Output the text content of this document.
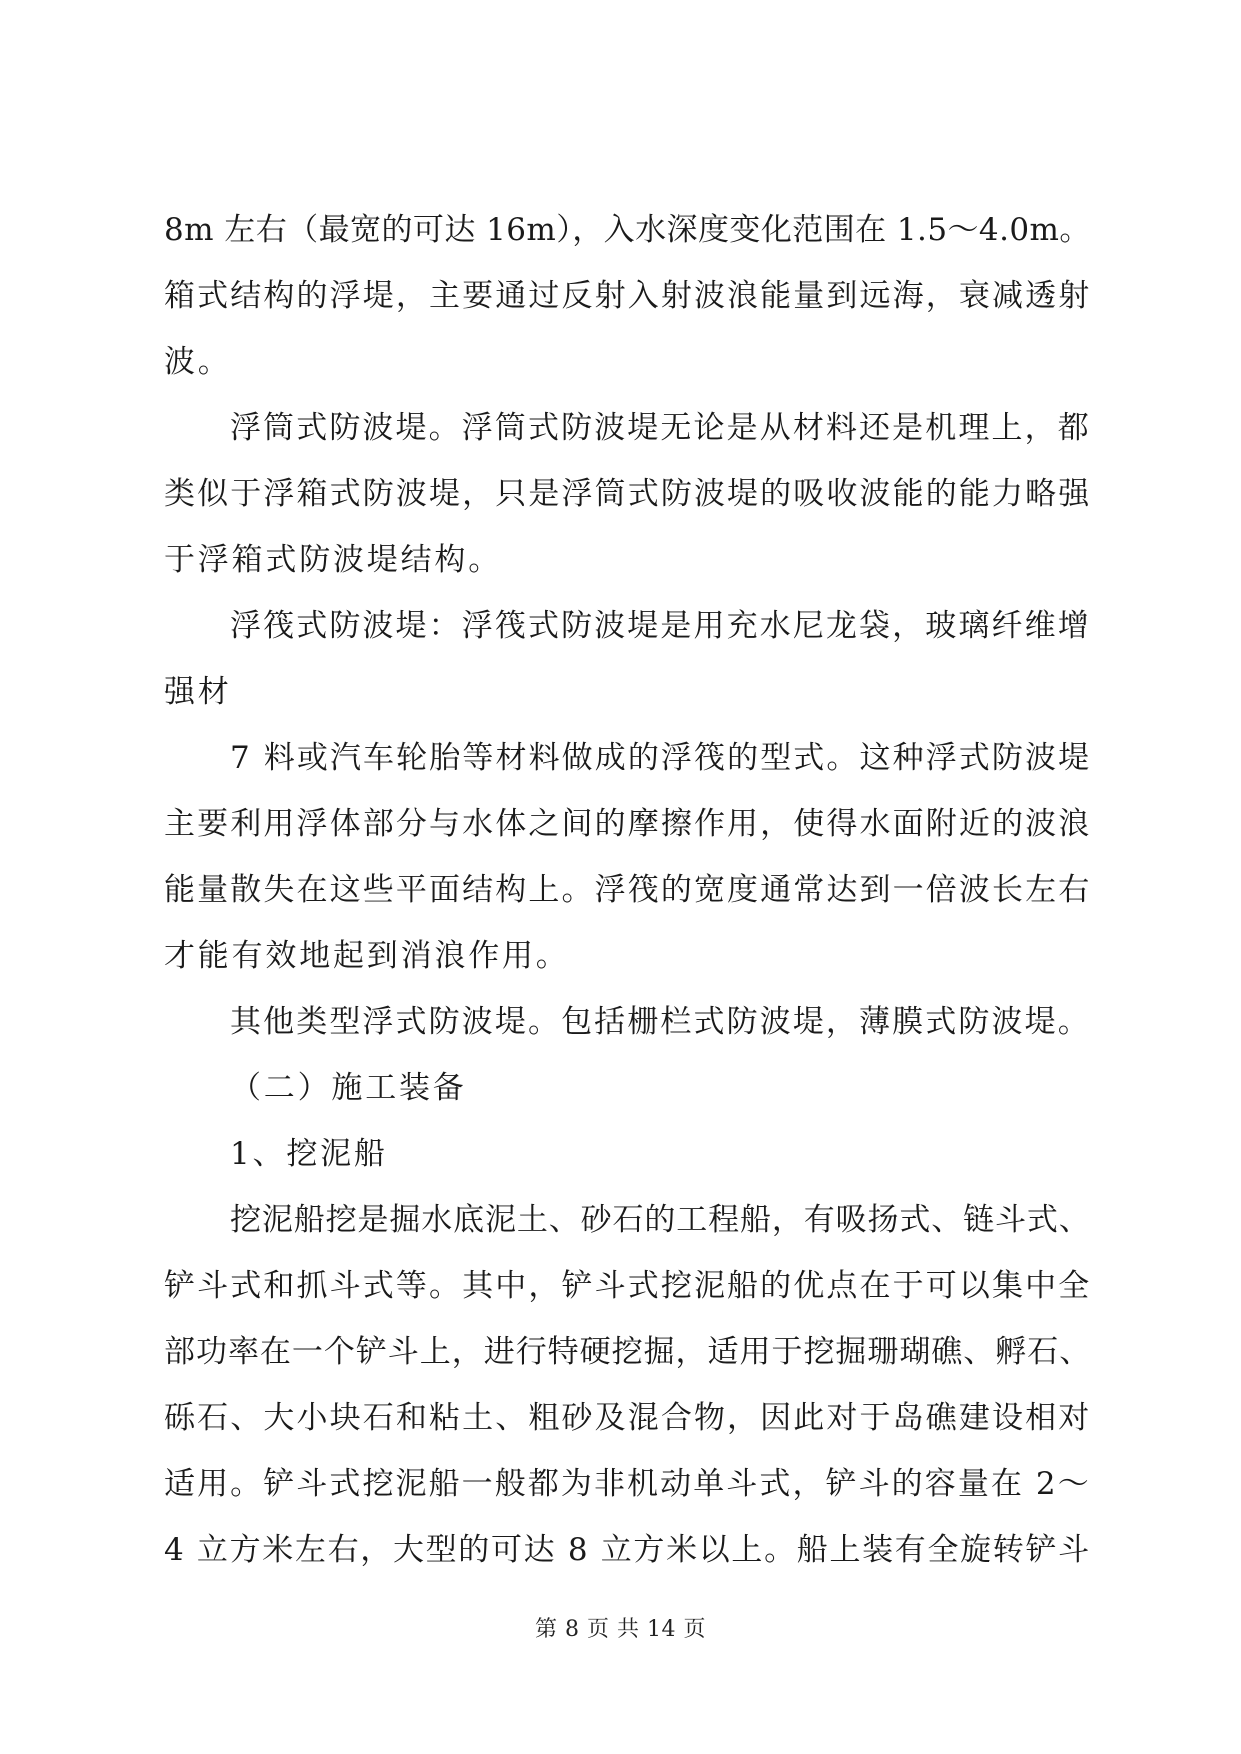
8m 左右（最宽的可达 16m），入水深度变化范围在 1.5～4.0m。
箱式结构的浮堤，主要通过反射入射波浪能量到远海，衰减透射
波。
浮筒式防波堤。浮筒式防波堤无论是从材料还是机理上，都
类似于浮箱式防波堤，只是浮筒式防波堤的吸收波能的能力略强
于浮箱式防波堤结构。
浮筏式防波堤：浮筏式防波堤是用充水尼龙袋，玻璃纤维增
强材
7 料或汽车轮胎等材料做成的浮筏的型式。这种浮式防波堤
主要利用浮体部分与水体之间的摩擦作用，使得水面附近的波浪
能量散失在这些平面结构上。浮筏的宽度通常达到一倍波长左右
才能有效地起到消浪作用。
其他类型浮式防波堤。包括栅栏式防波堤，薄膜式防波堤。
（二）施工装备
1、挖泥船
挖泥船挖是掘水底泥土、砂石的工程船，有吸扬式、链斗式、
铲斗式和抓斗式等。其中，铲斗式挖泥船的优点在于可以集中全
部功率在一个铲斗上，进行特硬挖掘，适用于挖掘珊瑚礁、孵石、
砾石、大小块石和粘土、粗砂及混合物，因此对于岛礁建设相对
适用。铲斗式挖泥船一般都为非机动单斗式，铲斗的容量在 2～
4 立方米左右，大型的可达 8 立方米以上。船上装有全旋转铲斗
第 8 页 共 14 页
